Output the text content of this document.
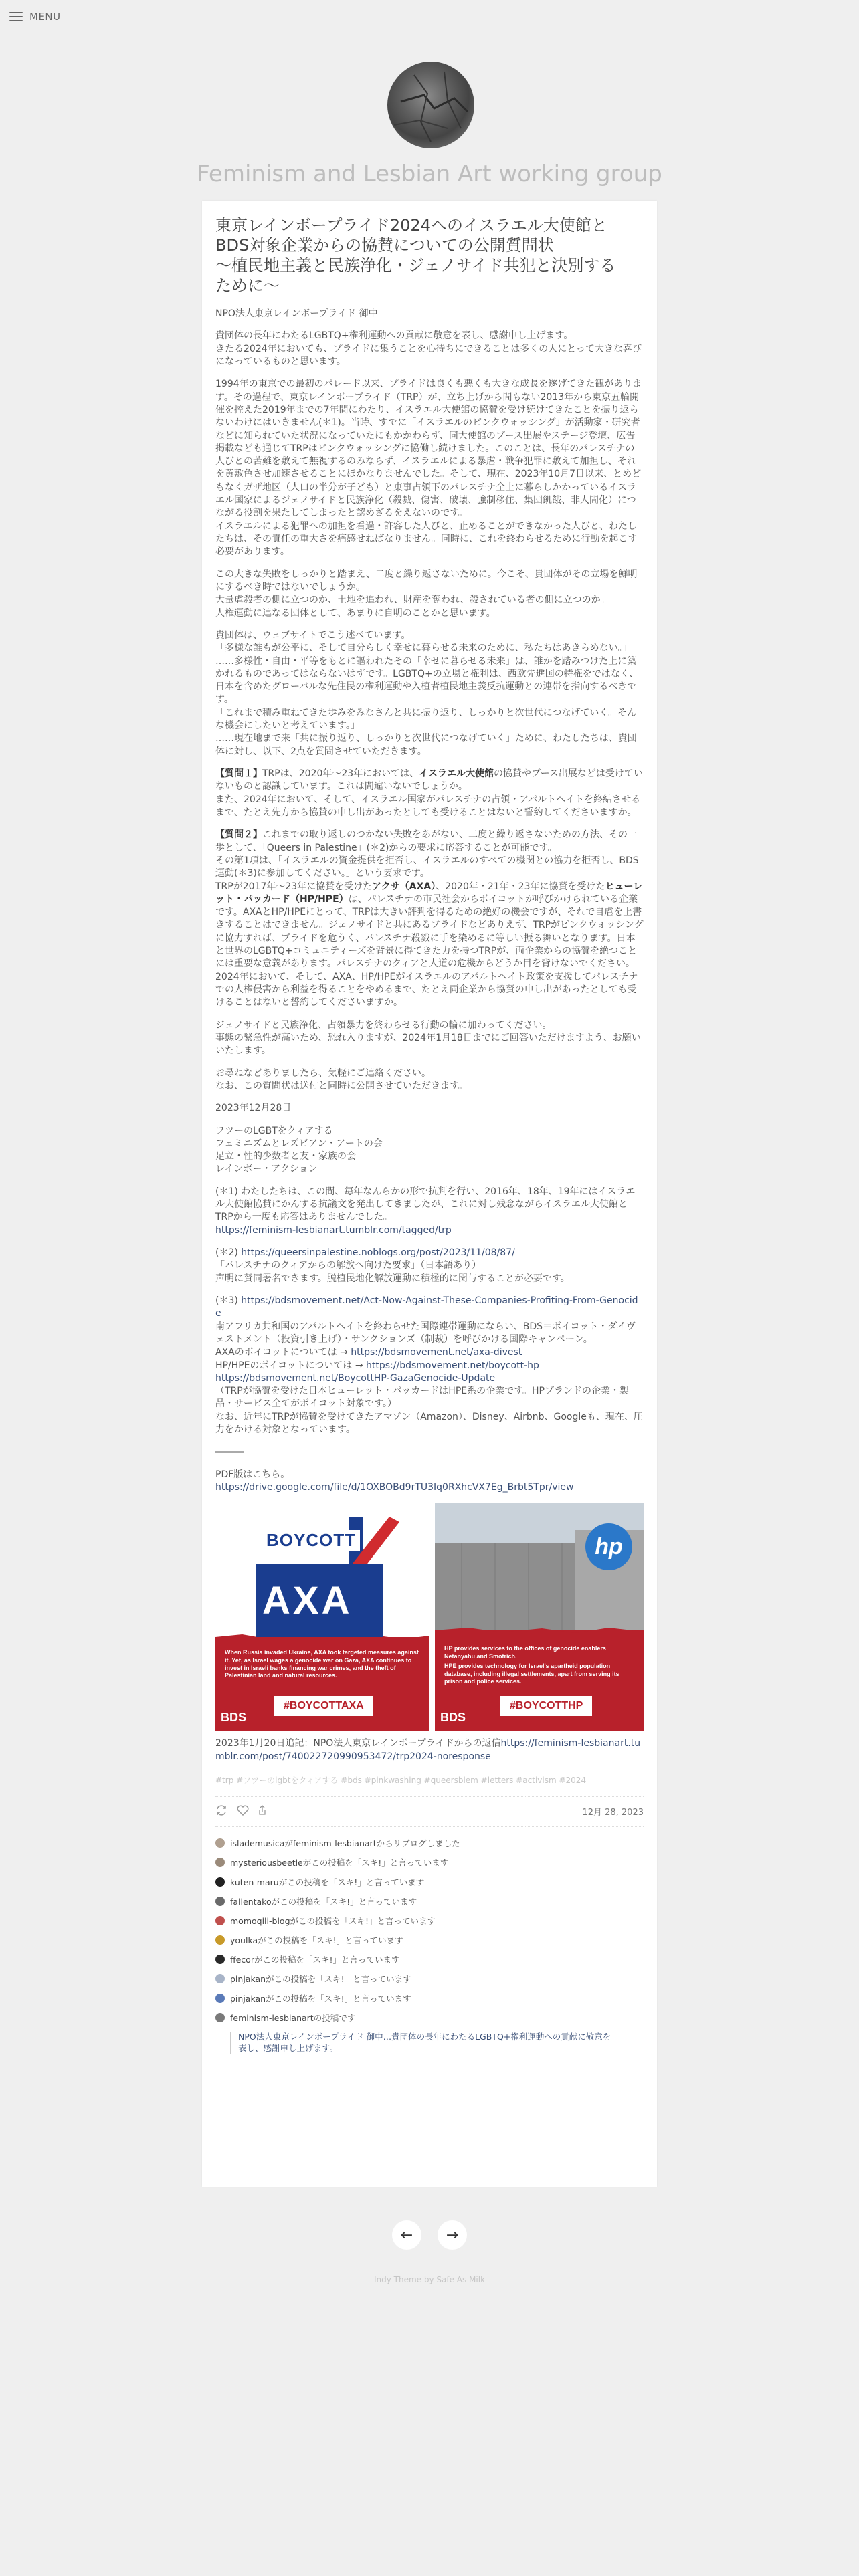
MENU
Feminism and Lesbian Art working group
東京レインボープライド2024へのイスラエル大使館と
BDS対象企業からの協賛についての公開質問状
〜植民地主義と民族浄化・ジェノサイド共犯と決別する
ために〜

NPO法人東京レインボープライド 御中

貴団体の長年にわたるLGBTQ+権利運動への貢献に敬意を表し、感謝申し上げます。
きたる2024年においても、プライドに集うことを心待ちにできることは多くの人にとって大きな喜びになっているものと思います。

1994年の東京での最初のパレード以来、プライドは良くも悪くも大きな成長を遂げてきた観があります。その過程で、東京レインボープライド（TRP）が、立ち上げから間もない2013年から東京五輪開催を控えた2019年までの7年間にわたり、イスラエル大使館の協賛を受け続けてきたことを振り返らないわけにはいきません(＊1)。当時、すでに「イスラエルのピンクウォッシング」が活動家・研究者などに知られていた状況になっていたにもかかわらず、同大使館のブース出展やステージ登壇、広告掲載なども通じてTRPはピンクウォッシングに協働し続けました。このことは、長年のパレスチナの人びとの苦難を敷えて無視するのみならず、イスラエルによる暴虐・戦争犯罪に敷えて加担し、それを黄敷色させ加速させることにほかなりませんでした。そして、現在、2023年10月7日以来、とめどもなくガザ地区（人口の半分が子ども）と東事占領下のパレスチナ全土に暮らしかかっているイスラエル国家によるジェノサイドと民族浄化（殺戮、傷害、破壊、強制移住、集団飢餓、非人間化）につながる役割を果たしてしまったと認めざるをえないのです。
イスラエルによる犯罪への加担を看過・許容した人びと、止めることができなかった人びと、わたしたちは、その責任の重大さを痛感せねばなりません。同時に、これを終わらせるために行動を起こす必要があります。

この大きな失敗をしっかりと踏まえ、二度と繰り返さないために。今こそ、貴団体がその立場を鮮明にするべき時ではないでしょうか。
大量虐殺者の側に立つのか、土地を追われ、財産を奪われ、殺されている者の側に立つのか。
人権運動に連なる団体として、あまりに自明のことかと思います。

貴団体は、ウェブサイトでこう述べています。
「多様な誰もが公平に、そして自分らしく幸せに暮らせる未来のために、私たちはあきらめない。」
……多様性・自由・平等をもとに謳われたその「幸せに暮らせる未来」は、誰かを踏みつけた上に築かれるものであってはならないはずです。LGBTQ+の立場と権利は、西欧先進国の特権をではなく、日本を含めたグローバルな先住民の権利運動や入植者植民地主義反抗運動との連帯を指向するべきです。
「これまで積み重ねてきた歩みをみなさんと共に振り返り、しっかりと次世代につなげていく。そんな機会にしたいと考えています。」
……現在地まで来「共に振り返り、しっかりと次世代につなげていく」ために、わたしたちは、貴団体に対し、以下、2点を質問させていただきます。

【質問１】TRPは、2020年〜23年においては、イスラエル大使館の協賛やブース出展などは受けていないものと認識しています。これは間違いないでしょうか。
また、2024年において、そして、イスラエル国家がパレスチナの占領・アパルトヘイトを終結させるまで、たとえ先方から協賛の申し出があったとしても受けることはないと誓約してくださいますか。

【質問２】これまでの取り返しのつかない失敗をあがない、二度と繰り返さないための方法、その一歩として、「Queers in Palestine」(＊2)からの要求に応答することが可能です。
その第1項は、「イスラエルの資金提供を拒否し、イスラエルのすべての機関との協力を拒否し、BDS運動(＊3)に参加してください。」という要求です。
TRPが2017年〜23年に協賛を受けたアクサ（AXA）、2020年・21年・23年に協賛を受けたヒューレット・パッカード（HP/HPE）は、パレスチナの市民社会からボイコットが呼びかけられている企業です。AXAとHP/HPEにとって、TRPは大きい評判を得るための絶好の機会ですが、それで自虐を上書きすることはできません。ジェノサイドと共にあるプライドなどありえず、TRPがピンクウォッシングに協力すれば、プライドを危うく、パレスチナ殺戮に手を染めるに等しい振る舞いとなります。日本と世界のLGBTQ+コミュニティーズを背景に得てきた力を持つTRPが、両企業からの協賛を絶つことには重要な意義があります。パレスチナのクィアと人道の危機からどうか目を背けないでください。
2024年において、そして、AXA、HP/HPEがイスラエルのアパルトヘイト政策を支援してパレスチナでの人権侵害から利益を得ることをやめるまで、たとえ両企業から協賛の申し出があったとしても受けることはないと誓約してくださいますか。

ジェノサイドと民族浄化、占領暴力を終わらせる行動の輪に加わってください。
事態の緊急性が高いため、恐れ入りますが、2024年1月18日までにご回答いただけますよう、お願いいたします。

お尋ねなどありましたら、気軽にご連絡ください。
なお、この質問状は送付と同時に公開させていただきます。

2023年12月28日

フツーのLGBTをクィアする
フェミニズムとレズビアン・アートの会
足立・性的少数者と友・家族の会
レインボー・アクション

(＊1) わたしたちは、この間、毎年なんらかの形で抗判を行い、2016年、18年、19年にはイスラエル大使館協賛にかんする抗議文を発出してきましたが、これに対し残念ながらイスラエル大使館とTRPから一度も応答はありませんでした。
https://feminism-lesbianart.tumblr.com/tagged/trp

(＊2) https://queersinpalestine.noblogs.org/post/2023/11/08/87/
「パレスチナのクィアからの解放へ向けた要求」（日本語あり）
声明に賛同署名できます。脱植民地化解放運動に積極的に関与することが必要です。

(＊3) https://bdsmovement.net/Act-Now-Against-These-Companies-Profiting-From-Genocide
南アフリカ共和国のアパルトヘイトを終わらせた国際連帯運動にならい、BDS＝ボイコット・ダイヴェストメント（投資引き上げ）・サンクションズ（制裁）を呼びかける国際キャンペーン。
AXAのボイコットについては → https://bdsmovement.net/axa-divest
HP/HPEのボイコットについては → https://bdsmovement.net/boycott-hp
https://bdsmovement.net/BoycottHP-GazaGenocide-Update
（TRPが協賛を受けた日本ヒューレット・パッカードはHPE系の企業です。HPブランドの企業・製品・サービス全てがボイコット対象です。）
なお、近年にTRPが協賛を受けてきたアマゾン（Amazon）、Disney、Airbnb、Googleも、現在、圧力をかける対象となっています。

―――

PDF版はこちら。
https://drive.google.com/file/d/1OXBOBd9rTU3Iq0RXhcVX7Eg_Brbt5Tpr/view

BOYCOTT
AXA
When Russia invaded Ukraine, AXA took targeted measures against it. Yet, as Israel wages a genocide war on Gaza, AXA continues to invest in Israeli banks financing war crimes, and the theft of Palestinian land and natural resources.
#BOYCOTTAXA
BDS
hp
HP provides services to the offices of genocide enablers Netanyahu and Smotrich.
HPE provides technology for Israel's apartheid population database, including illegal settlements, apart from serving its prison and police services.
#BOYCOTTHP
BDS
2023年1月20日追記：NPO法人東京レインボープライドからの返信https://feminism-lesbianart.tumblr.com/post/740022720990953472/trp2024-noresponse
#trp #フツーのlgbtをクィアする #bds #pinkwashing #queersblem #letters #activism #2024
12月 28, 2023
islademusicaがfeminism-lesbianartからリブログしました
mysteriousbeetleがこの投稿を「スキ!」と言っています
kuten-maruがこの投稿を「スキ!」と言っています
fallentakoがこの投稿を「スキ!」と言っています
momoqili-blogがこの投稿を「スキ!」と言っています
youlkaがこの投稿を「スキ!」と言っています
ffecorがこの投稿を「スキ!」と言っています
pinjakanがこの投稿を「スキ!」と言っています
pinjakanがこの投稿を「スキ!」と言っています
feminism-lesbianartの投稿です
NPO法人東京レインボープライド 御中…貴団体の長年にわたるLGBTQ+権利運動への貢献に敬意を表し、感謝申し上げます。
← →
Indy Theme by Safe As Milk
